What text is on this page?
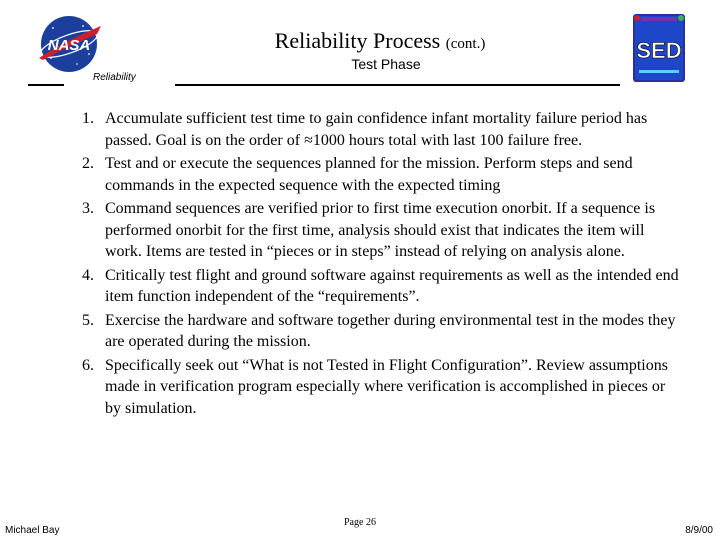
NASA	SED
Reliability Process (cont.)
Test Phase
Reliability
1. Accumulate sufficient test time to gain confidence infant mortality failure period has passed. Goal is on the order of ≈1000 hours total with last 100 failure free.
2. Test and or execute the sequences planned for the mission. Perform steps and send commands in the expected sequence with the expected timing
3. Command sequences are verified prior to first time execution onorbit. If a sequence is performed onorbit for the first time, analysis should exist that indicates the item will work. Items are tested in “pieces or in steps” instead of relying on analysis alone.
4. Critically test flight and ground software against requirements as well as the intended end item function independent of the “requirements”.
5. Exercise the hardware and software together during environmental test in the modes they are operated during the mission.
6. Specifically seek out “What is not Tested in Flight Configuration”. Review assumptions made in verification program especially where verification is accomplished in pieces or by simulation.
Michael Bay
Page 26
8/9/00
